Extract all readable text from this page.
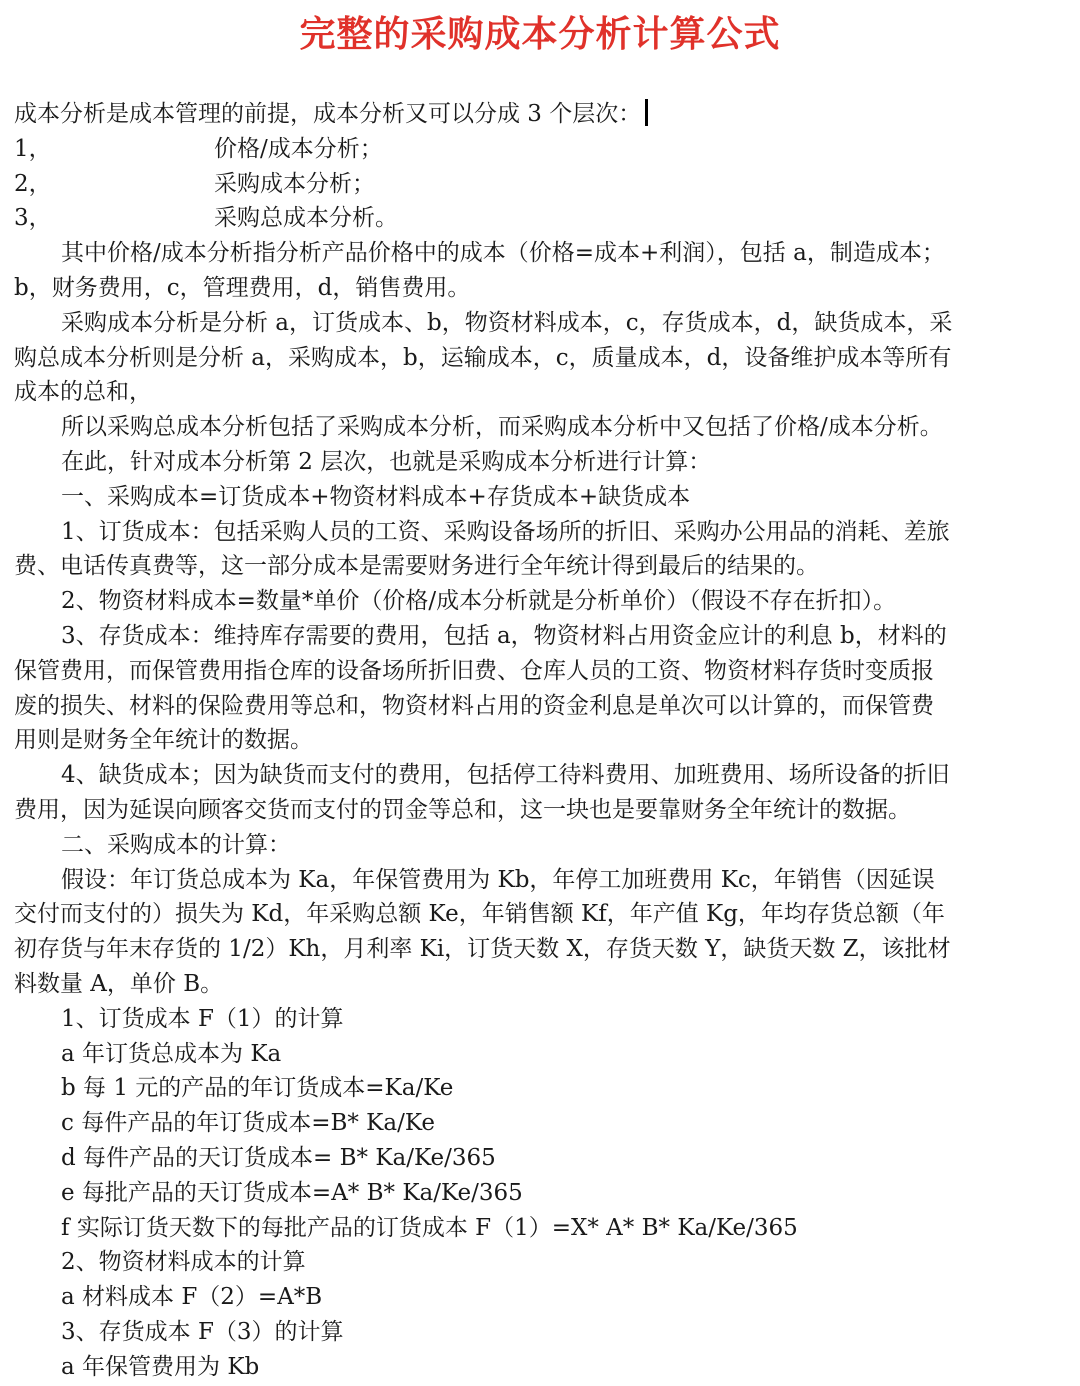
完整的采购成本分析计算公式

成本分析是成本管理的前提，成本分析又可以分成 3 个层次：

1，	价格/成本分析；
2，	采购成本分析；
3，	采购总成本分析。

其中价格/成本分析指分析产品价格中的成本（价格=成本+利润），包括 a，制造成本；b，财务费用，c，管理费用，d，销售费用。

采购成本分析是分析 a，订货成本、b，物资材料成本，c，存货成本，d，缺货成本，采购总成本分析则是分析 a，采购成本，b，运输成本，c，质量成本，d，设备维护成本等所有成本的总和，

所以采购总成本分析包括了采购成本分析，而采购成本分析中又包括了价格/成本分析。

在此，针对成本分析第 2 层次，也就是采购成本分析进行计算：

一、采购成本=订货成本+物资材料成本+存货成本+缺货成本

1、订货成本：包括采购人员的工资、采购设备场所的折旧、采购办公用品的消耗、差旅费、电话传真费等，这一部分成本是需要财务进行全年统计得到最后的结果的。

2、物资材料成本=数量*单价（价格/成本分析就是分析单价）（假设不存在折扣）。

3、存货成本：维持库存需要的费用，包括 a，物资材料占用资金应计的利息 b，材料的保管费用，而保管费用指仓库的设备场所折旧费、仓库人员的工资、物资材料存货时变质报废的损失、材料的保险费用等总和，物资材料占用的资金利息是单次可以计算的，而保管费用则是财务全年统计的数据。

4、缺货成本；因为缺货而支付的费用，包括停工待料费用、加班费用、场所设备的折旧费用，因为延误向顾客交货而支付的罚金等总和，这一块也是要靠财务全年统计的数据。

二、采购成本的计算：

假设：年订货总成本为 Ka，年保管费用为 Kb，年停工加班费用 Kc，年销售（因延误交付而支付的）损失为 Kd，年采购总额 Ke，年销售额 Kf，年产值 Kg，年均存货总额（年初存货与年末存货的 1/2）Kh，月利率 Ki，订货天数 X，存货天数 Y，缺货天数 Z，该批材料数量 A，单价 B。

1、订货成本 F（1）的计算

a 年订货总成本为 Ka

b 每 1 元的产品的年订货成本=Ka/Ke

c 每件产品的年订货成本=B* Ka/Ke

d 每件产品的天订货成本= B* Ka/Ke/365

e 每批产品的天订货成本=A* B* Ka/Ke/365

f 实际订货天数下的每批产品的订货成本 F（1）=X* A* B* Ka/Ke/365

2、物资材料成本的计算

a 材料成本 F（2）=A*B

3、存货成本 F（3）的计算

a 年保管费用为 Kb
